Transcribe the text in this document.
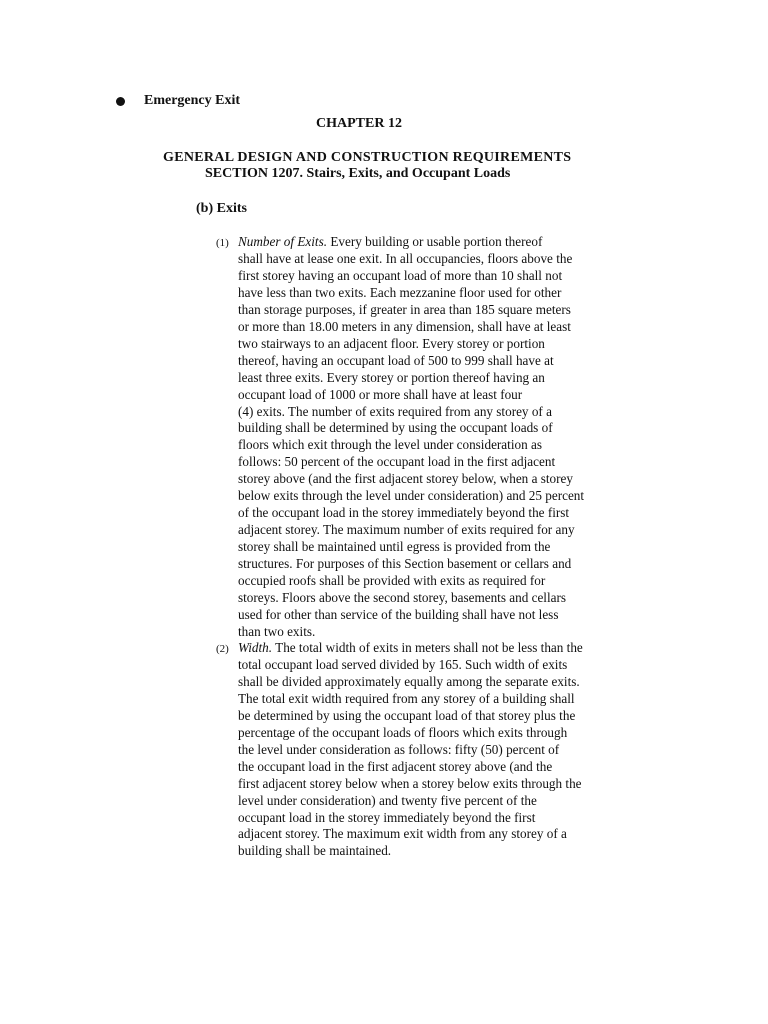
Emergency Exit
CHAPTER 12
GENERAL DESIGN AND CONSTRUCTION REQUIREMENTS
SECTION 1207. Stairs, Exits, and Occupant Loads
(b) Exits
(1) Number of Exits. Every building or usable portion thereof
shall have at lease one exit. In all occupancies, floors above the
first storey having an occupant load of more than 10 shall not
have less than two exits. Each mezzanine floor used for other
than storage purposes, if greater in area than 185 square meters
or more than 18.00 meters in any dimension, shall have at least
two stairways to an adjacent floor. Every storey or portion
thereof, having an occupant load of 500 to 999 shall have at
least three exits. Every storey or portion thereof having an
occupant load of 1000 or more shall have at least four
(4) exits. The number of exits required from any storey of a
building shall be determined by using the occupant loads of
floors which exit through the level under consideration as
follows: 50 percent of the occupant load in the first adjacent
storey above (and the first adjacent storey below, when a storey
below exits through the level under consideration) and 25 percent
of the occupant load in the storey immediately beyond the first
adjacent storey. The maximum number of exits required for any
storey shall be maintained until egress is provided from the
structures. For purposes of this Section basement or cellars and
occupied roofs shall be provided with exits as required for
storeys. Floors above the second storey, basements and cellars
used for other than service of the building shall have not less
than two exits.
(2) Width. The total width of exits in meters shall not be less than the
total occupant load served divided by 165. Such width of exits
shall be divided approximately equally among the separate exits.
The total exit width required from any storey of a building shall
be determined by using the occupant load of that storey plus the
percentage of the occupant loads of floors which exits through
the level under consideration as follows: fifty (50) percent of
the occupant load in the first adjacent storey above (and the
first adjacent storey below when a storey below exits through the
level under consideration) and twenty five percent of the
occupant load in the storey immediately beyond the first
adjacent storey. The maximum exit width from any storey of a
building shall be maintained.
